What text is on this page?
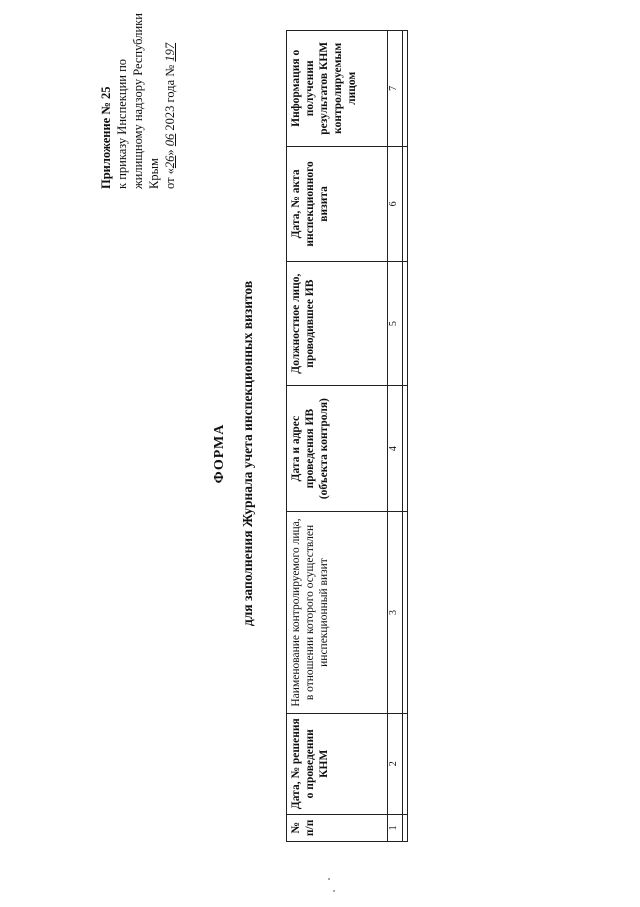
Приложение № 25 к приказу Инспекции по жилищному надзору Республики Крым от «26» 06 2023 года № 197
ФОРМА для заполнения Журнала учета инспекционных визитов
№ п/п	Дата, № решения о проведении КНМ	Наименование контролируемого лица, в отношении которого осуществлен инспекционный визит	Дата и адрес проведения ИВ (объекта контроля)	Должностное лицо, проводившее ИВ	Дата, № акта инспекционного визита	Информация о получении результатов КНМ контролируемым лицом
1	2	3	4	5	6	7
